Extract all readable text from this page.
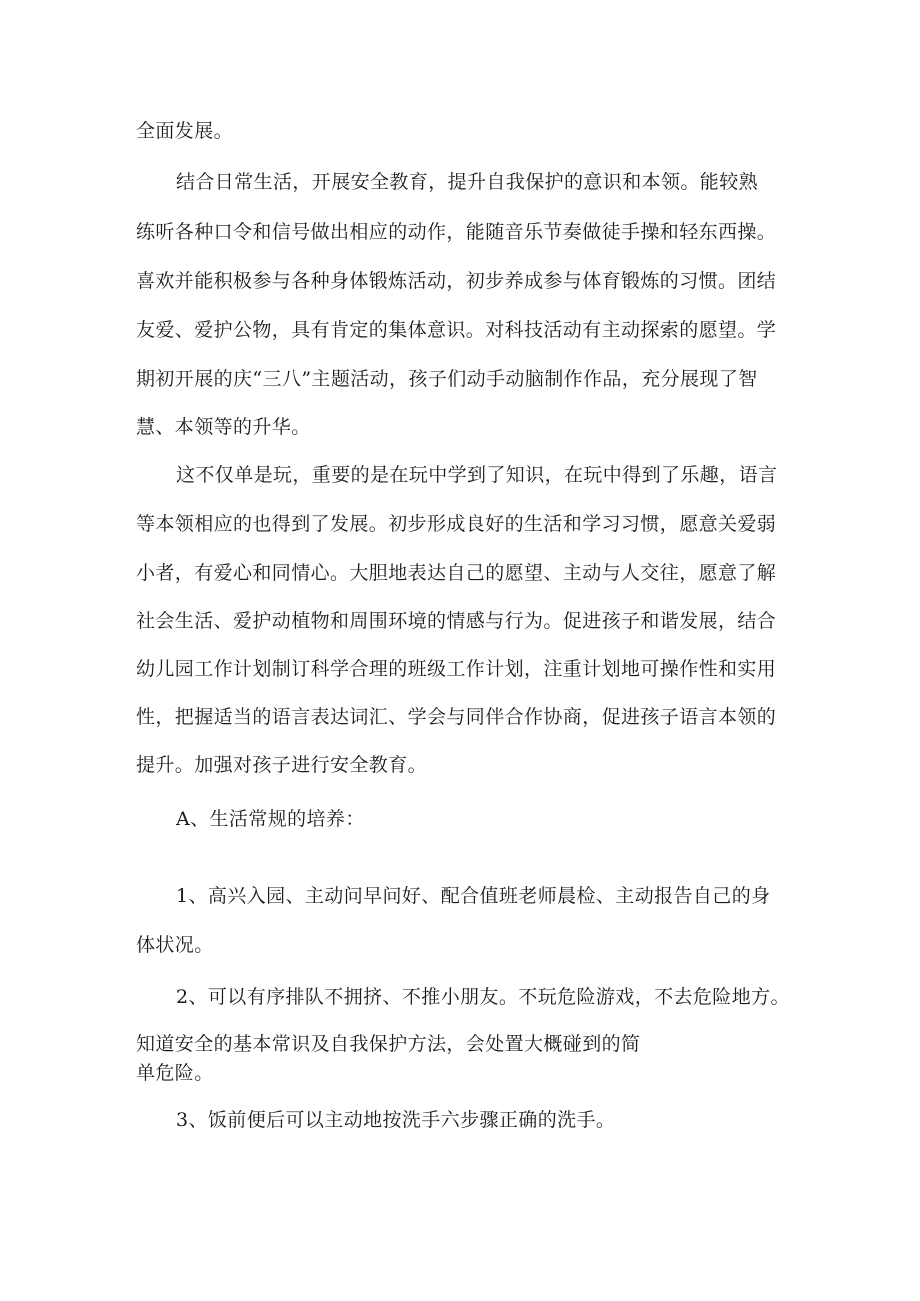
全面发展。

结合日常生活，开展安全教育，提升自我保护的意识和本领。能较熟

练听各种口令和信号做出相应的动作，能随音乐节奏做徒手操和轻东西操。

喜欢并能积极参与各种身体锻炼活动，初步养成参与体育锻炼的习惯。团结

友爱、爱护公物，具有肯定的集体意识。对科技活动有主动探索的愿望。学

期初开展的庆“三八”主题活动，孩子们动手动脑制作作品，充分展现了智

慧、本领等的升华。

这不仅单是玩，重要的是在玩中学到了知识，在玩中得到了乐趣，语言

等本领相应的也得到了发展。初步形成良好的生活和学习习惯，愿意关爱弱

小者，有爱心和同情心。大胆地表达自己的愿望、主动与人交往，愿意了解

社会生活、爱护动植物和周围环境的情感与行为。促进孩子和谐发展，结合

幼儿园工作计划制订科学合理的班级工作计划，注重计划地可操作性和实用

性，把握适当的语言表达词汇、学会与同伴合作协商，促进孩子语言本领的

提升。加强对孩子进行安全教育。

A、生活常规的培养：

1、高兴入园、主动问早问好、配合值班老师晨检、主动报告自己的身

体状况。

2、可以有序排队不拥挤、不推小朋友。不玩危险游戏，不去危险地方。

知道安全的基本常识及自我保护方法，会处置大概碰到的简

单危险。

3、饭前便后可以主动地按洗手六步骤正确的洗手。
